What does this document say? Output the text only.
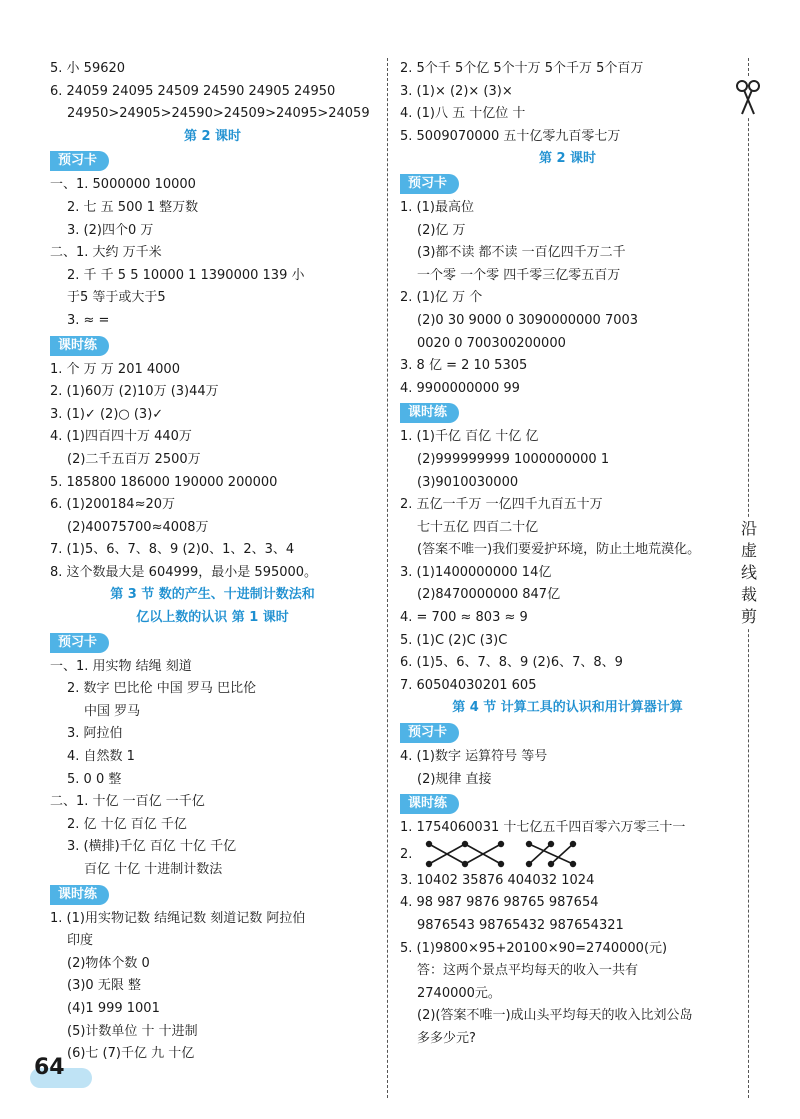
沿
虚
线
裁
剪
5. 小 59620
6. 24059 24095 24509 24590 24905 24950
24950>24905>24590>24509>24095>24059
第 2 课时
预习卡
一、1. 5000000 10000
2. 七 五 500 1 整万数
3. (2)四个0 万
二、1. 大约 万千米
2. 千 千 5 5 10000 1 1390000 139 小
于5 等于或大于5
3. ≈ =
课时练
1. 个 万 万 201 4000
2. (1)60万 (2)10万 (3)44万
3. (1)✓ (2)○ (3)✓
4. (1)四百四十万 440万
(2)二千五百万 2500万
5. 185800 186000 190000 200000
6. (1)200184≈20万
(2)40075700≈4008万
7. (1)5、6、7、8、9 (2)0、1、2、3、4
8. 这个数最大是 604999，最小是 595000。
第 3 节 数的产生、十进制计数法和
亿以上数的认识 第 1 课时
预习卡
一、1. 用实物 结绳 刻道
2. 数字 巴比伦 中国 罗马 巴比伦
中国 罗马
3. 阿拉伯
4. 自然数 1
5. 0 0 整
二、1. 十亿 一百亿 一千亿
2. 亿 十亿 百亿 千亿
3. (横排)千亿 百亿 十亿 千亿
百亿 十亿 十进制计数法
课时练
1. (1)用实物记数 结绳记数 刻道记数 阿拉伯
印度
(2)物体个数 0
(3)0 无限 整
(4)1 999 1001
(5)计数单位 十 十进制
(6)七 (7)千亿 九 十亿
2. 5个千 5个亿 5个十万 5个千万 5个百万
3. (1)× (2)× (3)×
4. (1)八 五 十亿位 十
5. 5009070000 五十亿零九百零七万
第 2 课时
预习卡
1. (1)最高位
(2)亿 万
(3)都不读 都不读 一百亿四千万二千
一个零 一个零 四千零三亿零五百万
2. (1)亿 万 个
(2)0 30 9000 0 3090000000 7003
0020 0 700300200000
3. 8 亿 = 2 10 5305
4. 9900000000 99
课时练
1. (1)千亿 百亿 十亿 亿
(2)999999999 1000000000 1
(3)9010030000
2. 五亿一千万 一亿四千九百五十万
七十五亿 四百二十亿
(答案不唯一)我们要爱护环境，防止土地荒漠化。
3. (1)1400000000 14亿
(2)8470000000 847亿
4. = 700 ≈ 803 ≈ 9
5. (1)C (2)C (3)C
6. (1)5、6、7、8、9 (2)6、7、8、9
7. 60504030201 605
第 4 节 计算工具的认识和用计算器计算
预习卡
4. (1)数字 运算符号 等号
(2)规律 直接
课时练
1. 1754060031 十七亿五千四百零六万零三十一
2.
3. 10402 35876 404032 1024
4. 98 987 9876 98765 987654
9876543 98765432 987654321
5. (1)9800×95+20100×90=2740000(元)
答：这两个景点平均每天的收入一共有
2740000元。
(2)(答案不唯一)成山头平均每天的收入比刘公岛
多多少元?
64
